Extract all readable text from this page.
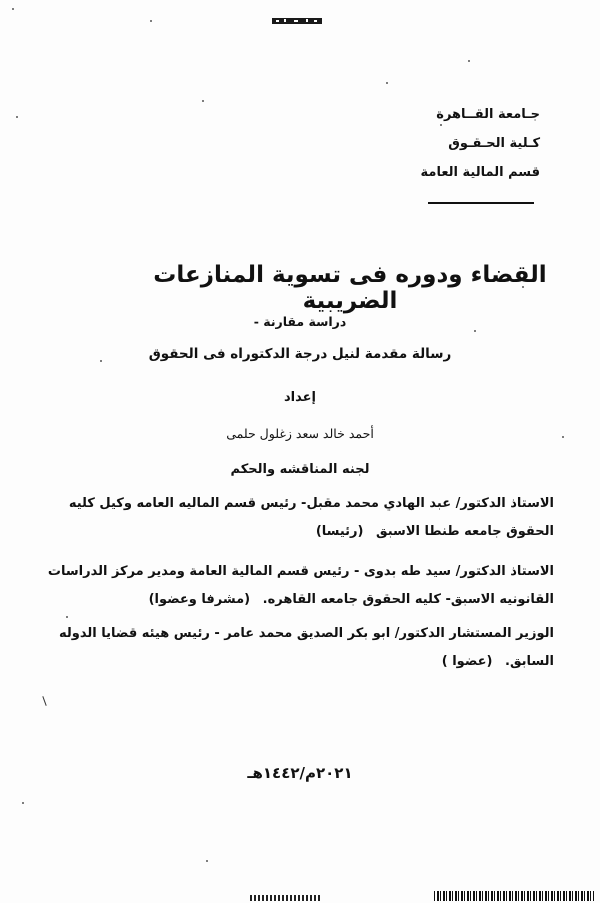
جـامعة القــاهرة
كـلية الحـقـوق
قسم المالية العامة
القضاء ودوره فى تسوية المنازعات الضريبية
دراسة مقارنة -
رسالة مقدمة لنيل درجة الدكتوراه فى الحقوق
إعداد
أحمد خالد سعد زغلول حلمى
لجنه المناقشه والحكم
الاستاذ الدكتور/ عبد الهادي محمد مقبل- رئيس قسم الماليه العامه وكيل كليه الحقوق جامعه طنطا الاسبق (رئيسا)
الاستاذ الدكتور/ سيد طه بدوى - رئيس قسم المالية العامة ومدير مركز الدراسات القانونيه الاسبق- كليه الحقوق جامعه القاهره. (مشرفا وعضوا)
الوزير المستشار الدكتور/ ابو بكر الصديق محمد عامر - رئيس هيئه قضايا الدوله السابق. (عضوا )
٢٠٢١م/١٤٤٢هـ
